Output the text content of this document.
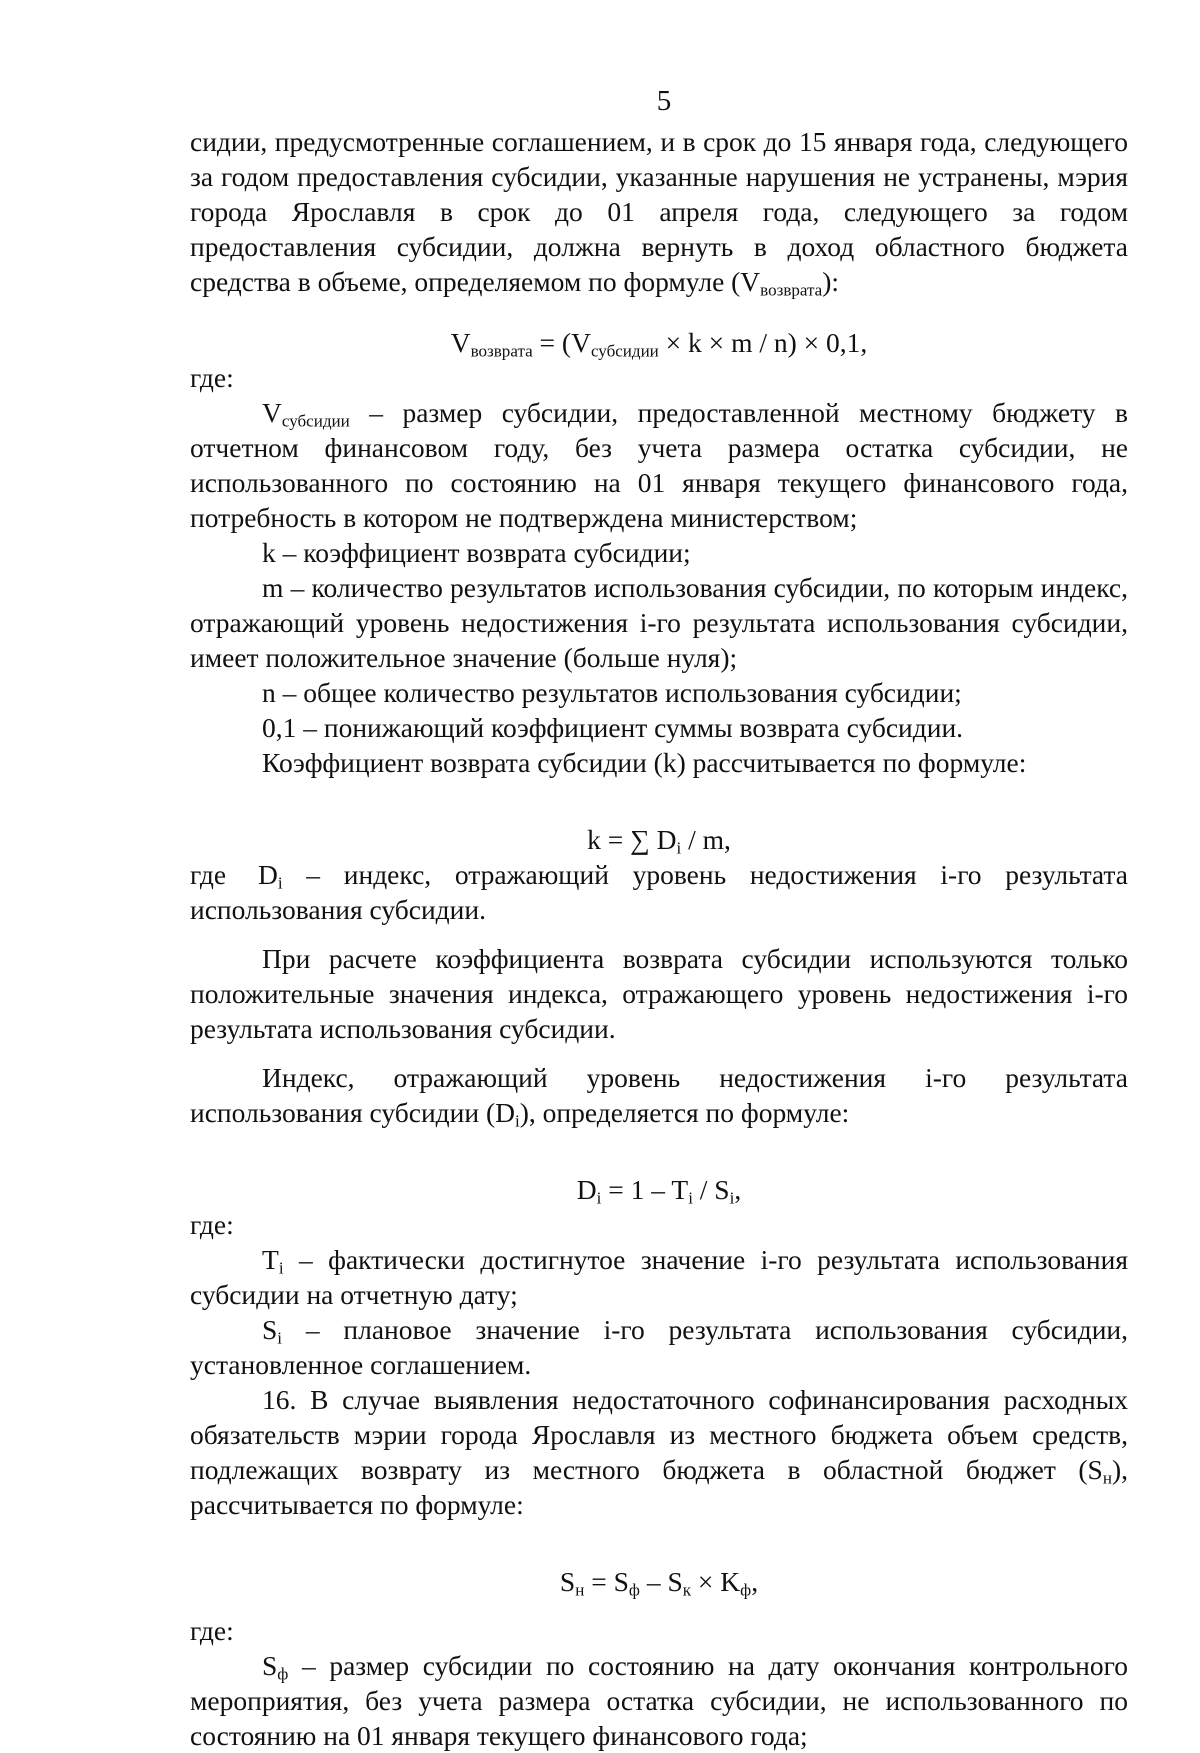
5

сидии, предусмотренные соглашением, и в срок до 15 января года, следующего за годом предоставления субсидии, указанные нарушения не устранены, мэрия города Ярославля в срок до 01 апреля года, следующего за годом предоставления субсидии, должна вернуть в доход областного бюджета средства в объеме, определяемом по формуле $(V_{возврата})$:

$V_{возврата} = (V_{субсидии} \times k \times m / n) \times 0,1$,

где:

$V_{субсидии}$ – размер субсидии, предоставленной местному бюджету в отчетном финансовом году, без учета размера остатка субсидии, не использованного по состоянию на 01 января текущего финансового года, потребность в котором не подтверждена министерством;

k – коэффициент возврата субсидии;

m – количество результатов использования субсидии, по которым индекс, отражающий уровень недостижения i-го результата использования субсидии, имеет положительное значение (больше нуля);

n – общее количество результатов использования субсидии;

0,1 – понижающий коэффициент суммы возврата субсидии.

Коэффициент возврата субсидии (k) рассчитывается по формуле:

k = ∑ $D_i$ / m,

где $D_i$ – индекс, отражающий уровень недостижения i-го результата использования субсидии.

При расчете коэффициента возврата субсидии используются только положительные значения индекса, отражающего уровень недостижения i-го результата использования субсидии.

Индекс, отражающий уровень недостижения i-го результата использования субсидии $(D_i)$, определяется по формуле:

$D_i = 1 - T_i / S_i$,

где:

$T_i$ – фактически достигнутое значение i-го результата использования субсидии на отчетную дату;

$S_i$ – плановое значение i-го результата использования субсидии, установленное соглашением.

16. В случае выявления недостаточного софинансирования расходных обязательств мэрии города Ярославля из местного бюджета объем средств, подлежащих возврату из местного бюджета в областной бюджет $(S_н)$, рассчитывается по формуле:

$S_н = S_ф - S_к \times K_ф$,

где:

$S_ф$ – размер субсидии по состоянию на дату окончания контрольного мероприятия, без учета размера остатка субсидии, не использованного по состоянию на 01 января текущего финансового года;
